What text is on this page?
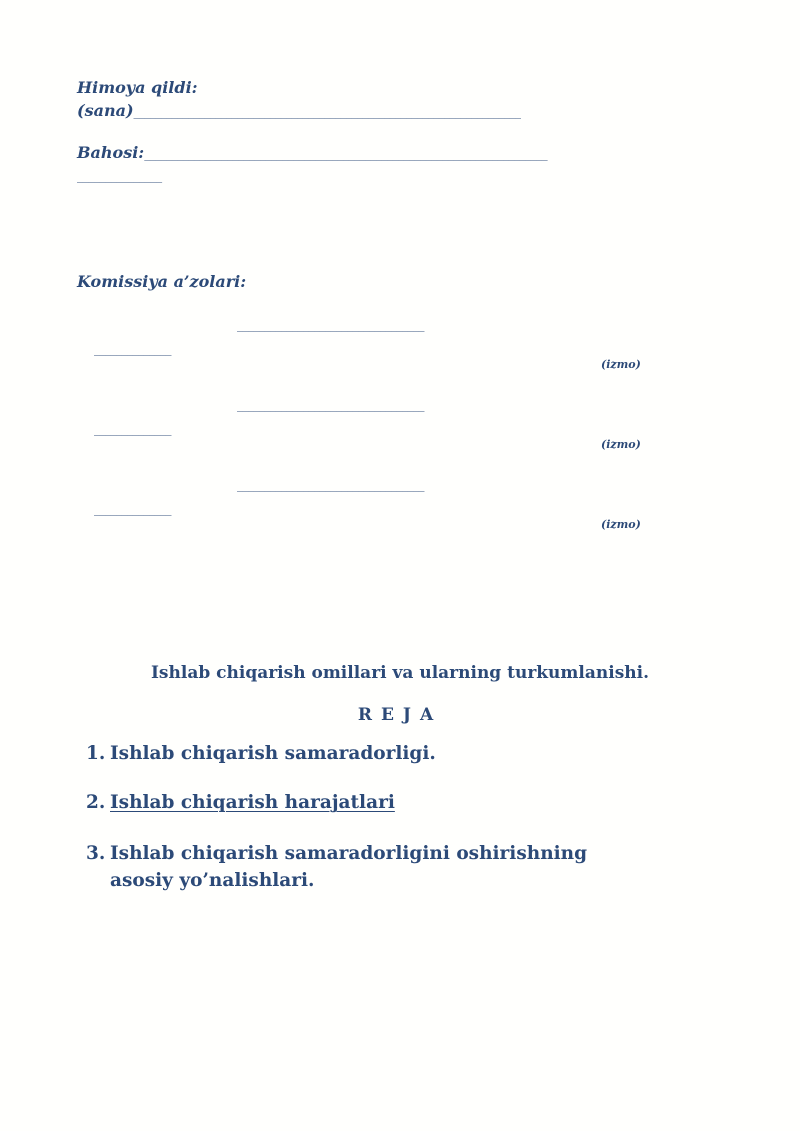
Himoya qildi:
(sana)_______________________________________________________________________
Bahosi:_________________________________________________________________________
_______________
Komissiya a’zolari:
__________________________________
______________
(izmo)
__________________________________
______________
(izmo)
__________________________________
______________
(izmo)
Ishlab chiqarish omillari va ularning turkumlanishi.
REJA
1. Ishlab chiqarish samaradorligi.
2. Ishlab chiqarish harajatlari
3. Ishlab chiqarish samaradorligini oshirishning asosiy yo’nalishlari.
